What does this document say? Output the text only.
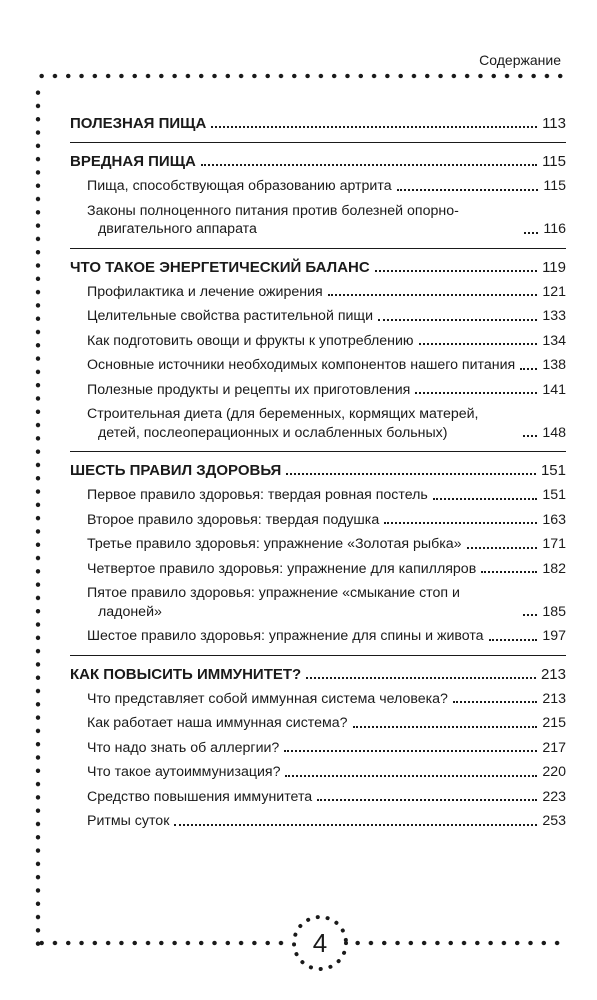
Содержание
4
ПОЛЕЗНАЯ ПИЩА	113
ВРЕДНАЯ ПИЩА	115
Пища, способствующая образованию артрита	115
Законы полноценного питания против болезней опорно-двигательного аппарата	116
ЧТО ТАКОЕ ЭНЕРГЕТИЧЕСКИЙ БАЛАНС	119
Профилактика и лечение ожирения	121
Целительные свойства растительной пищи	133
Как подготовить овощи и фрукты к употреблению	134
Основные источники необходимых компонентов нашего питания 138
Полезные продукты и рецепты их приготовления	141
Строительная диета (для беременных, кормящих матерей, детей, послеоперационных и ослабленных больных)	148
ШЕСТЬ ПРАВИЛ ЗДОРОВЬЯ	151
Первое правило здоровья: твердая ровная постель	151
Второе правило здоровья: твердая подушка	163
Третье правило здоровья: упражнение «Золотая рыбка»	171
Четвертое правило здоровья: упражнение для капилляров	182
Пятое правило здоровья: упражнение «смыкание стоп и ладоней»	185
Шестое правило здоровья: упражнение для спины и живота	197
КАК ПОВЫСИТЬ ИММУНИТЕТ?	213
Что представляет собой иммунная система человека?	213
Как работает наша иммунная система?	215
Что надо знать об аллергии?	217
Что такое аутоиммунизация?	220
Средство повышения иммунитета	223
Ритмы суток	253
